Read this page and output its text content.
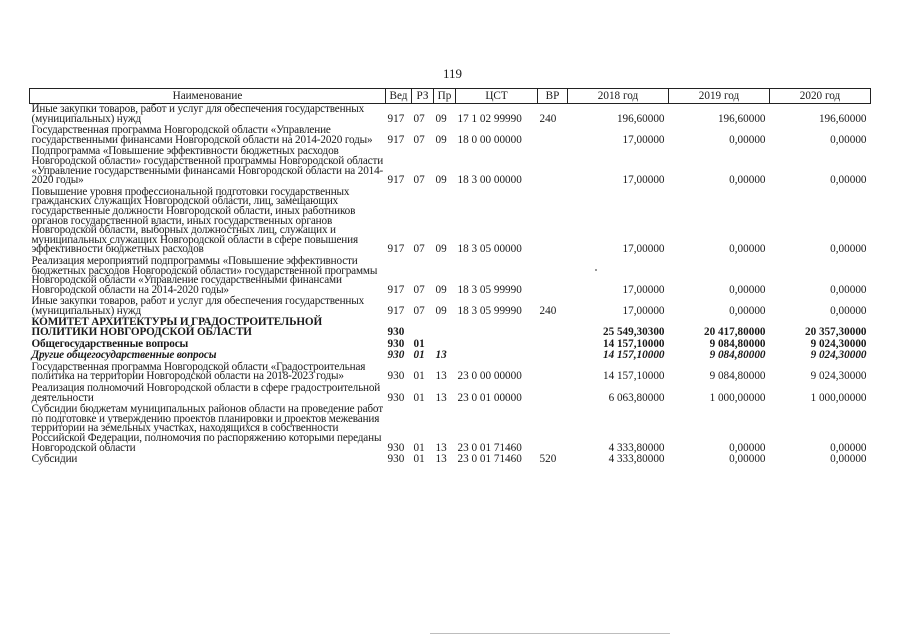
119
Наименование	Вед	РЗ	Пр	ЦСТ	ВР	2018 год	2019 год	2020 год
Иные закупки товаров, работ и услуг для обеспечения государственных (муниципальных) нужд	917	07	09	17 1 02 99990	240	196,60000	196,60000	196,60000
Государственная программа Новгородской области «Управление государственными финансами Новгородской области на 2014-2020 годы»	917	07	09	18 0 00 00000		17,00000	0,00000	0,00000
Подпрограмма «Повышение эффективности бюджетных расходов Новгородской области» государственной программы Новгородской области «Управление государственными финансами Новгородской области на 2014-2020 годы»	917	07	09	18 3 00 00000		17,00000	0,00000	0,00000
Повышение уровня профессиональной подготовки государственных гражданских служащих Новгородской области, лиц, замещающих государственные должности Новгородской области, иных работников органов государственной власти, иных государственных органов Новгородской области, выборных должностных лиц, служащих и муниципальных служащих Новгородской области в сфере повышения эффективности бюджетных расходов	917	07	09	18 3 05 00000		17,00000	0,00000	0,00000
Реализация мероприятий подпрограммы «Повышение эффективности бюджетных расходов Новгородской области» государственной программы Новгородской области «Управление государственными финансами Новгородской области на 2014-2020 годы»	917	07	09	18 3 05 99990		17,00000	0,00000	0,00000
Иные закупки товаров, работ и услуг для обеспечения государственных (муниципальных) нужд	917	07	09	18 3 05 99990	240	17,00000	0,00000	0,00000
КОМИТЕТ АРХИТЕКТУРЫ И ГРАДОСТРОИТЕЛЬНОЙ ПОЛИТИКИ НОВГОРОДСКОЙ ОБЛАСТИ	930					25 549,30300	20 417,80000	20 357,30000
Общегосударственные вопросы	930	01				14 157,10000	9 084,80000	9 024,30000
Другие общегосударственные вопросы	930	01	13			14 157,10000	9 084,80000	9 024,30000
Государственная программа Новгородской области «Градостроительная политика на территории Новгородской области на 2018-2023 годы»	930	01	13	23 0 00 00000		14 157,10000	9 084,80000	9 024,30000
Реализация полномочий Новгородской области в сфере градостроительной деятельности	930	01	13	23 0 01 00000		6 063,80000	1 000,00000	1 000,00000
Субсидии бюджетам муниципальных районов области на проведение работ по подготовке и утверждению проектов планировки и проектов межевания территории на земельных участках, находящихся в собственности Российской Федерации, полномочия по распоряжению которыми переданы Новгородской области	930	01	13	23 0 01 71460		4 333,80000	0,00000	0,00000
Субсидии	930	01	13	23 0 01 71460	520	4 333,80000	0,00000	0,00000
